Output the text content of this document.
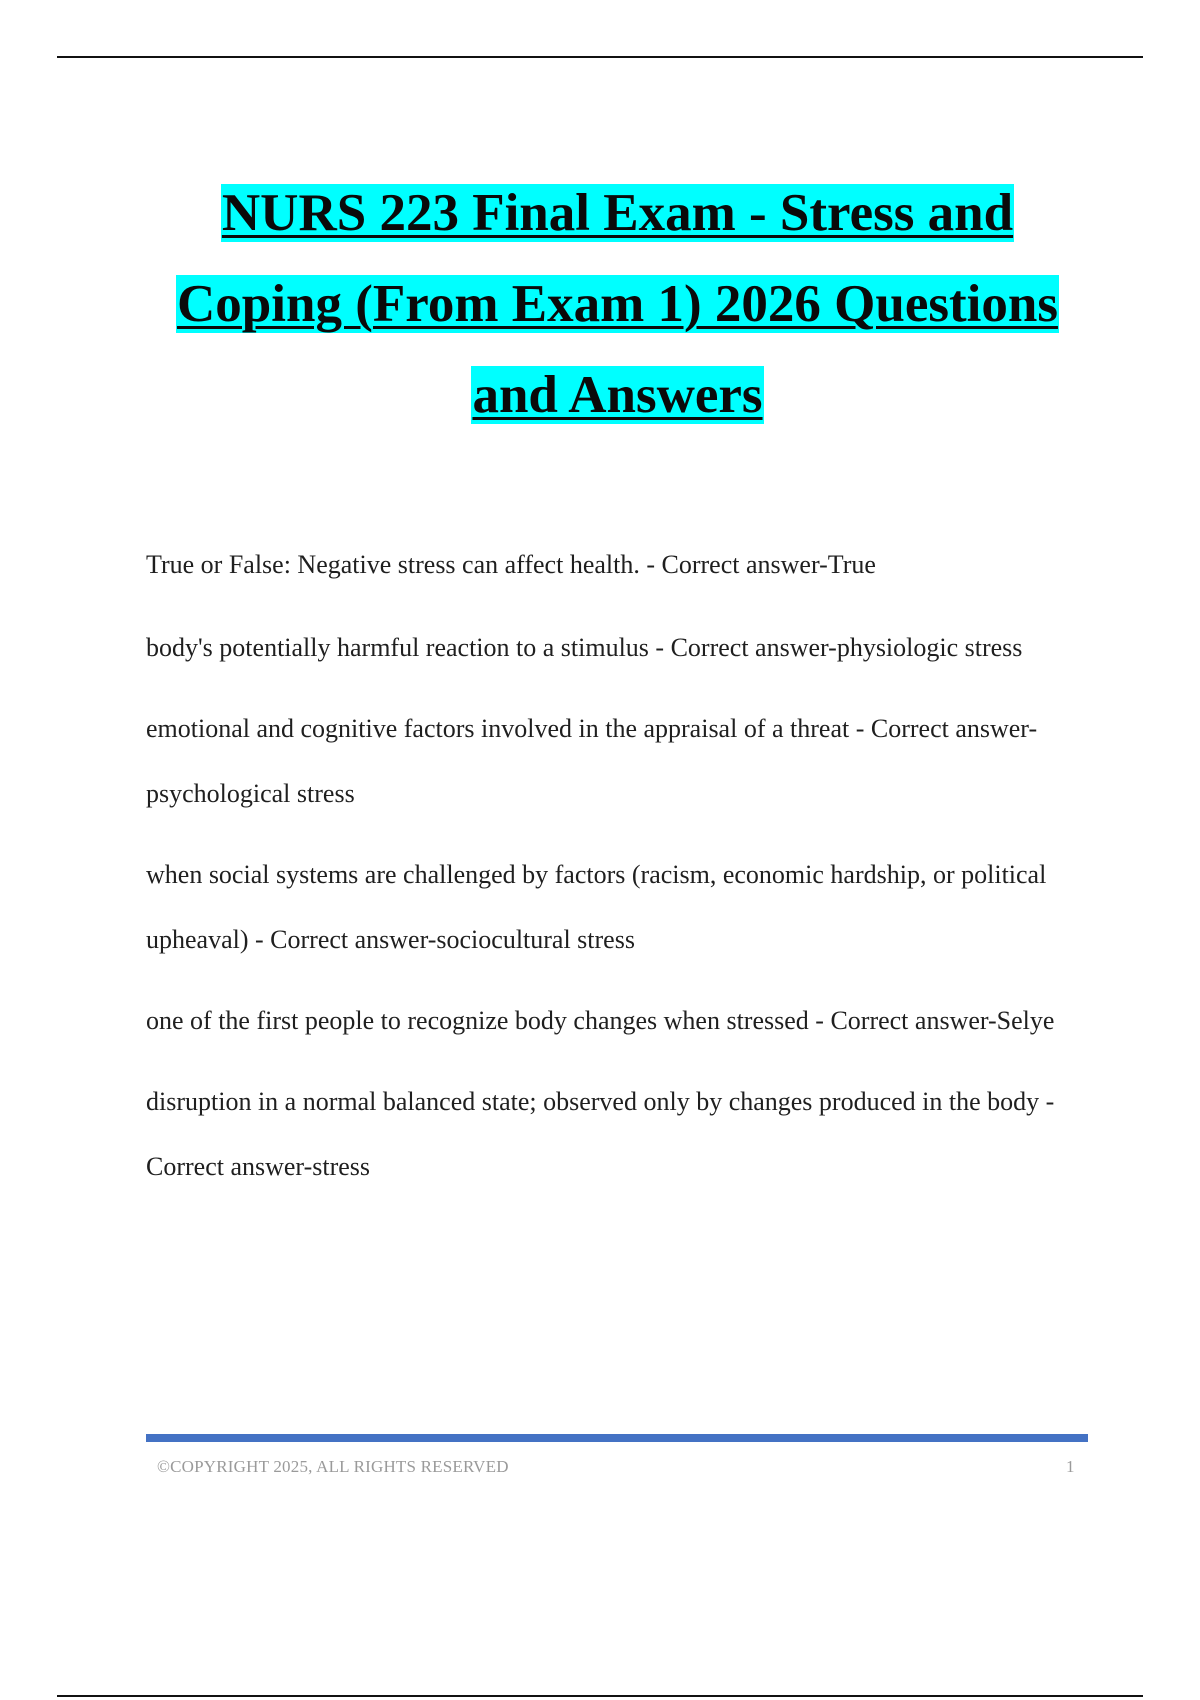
NURS 223 Final Exam - Stress and
Coping (From Exam 1) 2026 Questions
and Answers

True or False: Negative stress can affect health. - Correct answer-True

body's potentially harmful reaction to a stimulus - Correct answer-physiologic stress

emotional and cognitive factors involved in the appraisal of a threat - Correct answer-psychological stress

when social systems are challenged by factors (racism, economic hardship, or political upheaval) - Correct answer-sociocultural stress

one of the first people to recognize body changes when stressed - Correct answer-Selye

disruption in a normal balanced state; observed only by changes produced in the body - Correct answer-stress

©COPYRIGHT 2025, ALL RIGHTS RESERVED	1
